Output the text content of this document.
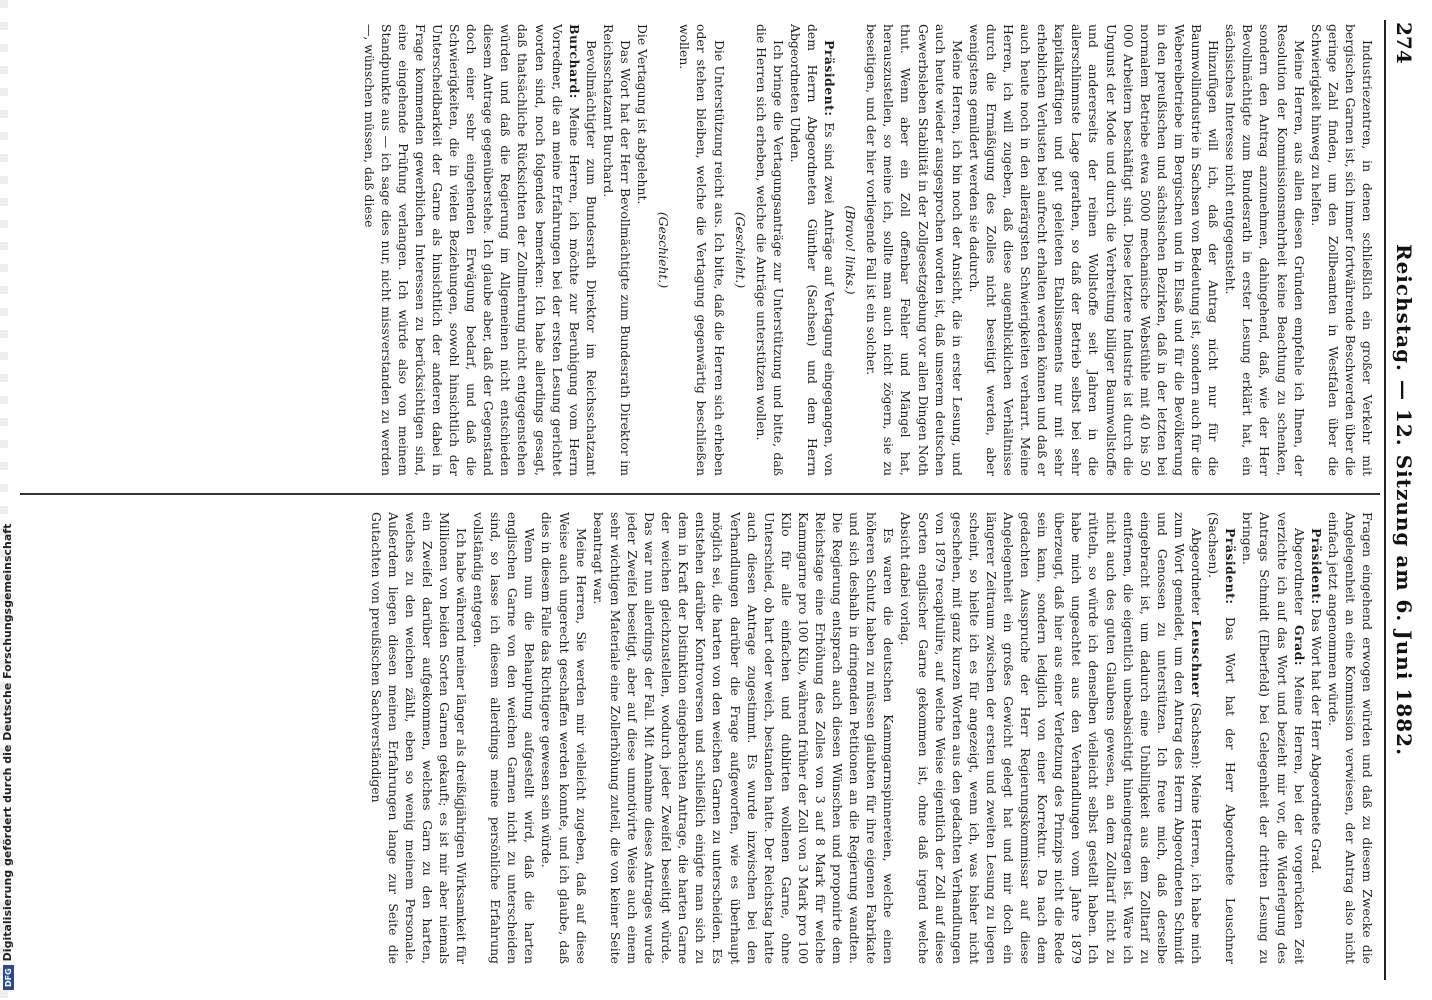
274
Reichstag. — 12. Sitzung am 6. Juni 1882.

Industriezentren, in denen schließlich ein großer Verkehr mit bergischen Garnen ist, sich immer fortwährende Beschwerden über die geringe Zahl finden, um den Zollbeamten in Westfalen über die Schwierigkeit hinweg zu helfen.

Meine Herren, aus allen diesen Gründen empfehle ich Ihnen, der Resolution der Kommissionsmehrheit keine Beachtung zu schenken, sondern den Antrag anzunehmen, dahingehend, daß, wie der Herr Bevollmächtigte zum Bundesrath in erster Lesung erklärt hat, ein sächsisches Interesse nicht entgegensteht.

Hinzufügen will ich, daß der Antrag nicht nur für die Baumwollindustrie in Sachsen von Bedeutung ist, sondern auch für die Webereibetriebe im Bergischen und in Elsaß und für die Bevölkerung in den preußischen und sächsischen Bezirken, daß in der letzten bei normalem Betriebe etwa 5000 mechanische Webstühle mit 40 bis 50 000 Arbeitern beschäftigt sind. Diese letztere Industrie ist durch die Ungunst der Mode und durch die Verbreitung billiger Baumwollstoffe und andererseits der reinen Wollstoffe seit Jahren in die allerschlimmste Lage gerathen, so daß der Betrieb selbst bei sehr kapitalkräftigen und gut geleiteten Etablissements nur mit sehr erheblichen Verlusten bei aufrecht erhalten werden können und daß er auch heute noch in den allerärgsten Schwierigkeiten verharrt. Meine Herren, ich will zugeben, daß diese augenblicklichen Verhältnisse durch die Ermäßigung des Zolles nicht beseitigt werden, aber wenigstens gemildert werden sie dadurch.

Meine Herren, ich bin noch der Ansicht, die in erster Lesung, und auch heute wieder ausgesprochen worden ist, daß unserem deutschen Gewerbsleben Stabilität in der Zollgesetzgebung vor allen Dingen Noth thut. Wenn aber ein Zoll offenbar Fehler und Mängel hat, herauszustellen, so meine ich, sollte man auch nicht zögern, sie zu beseitigen, und der hier vorliegende Fall ist ein solcher.

(Bravo! links.)

Präsident: Es sind zwei Anträge auf Vertagung eingegangen, von dem Herrn Abgeordneten Günther (Sachsen) und dem Herrn Abgeordneten Uhden.

Ich bringe die Vertagungsanträge zur Unterstützung und bitte, daß die Herren sich erheben, welche die Anträge unterstützen wollen.

(Geschieht.)

Die Unterstützung reicht aus. Ich bitte, daß die Herren sich erheben oder stehen bleiben, welche die Vertagung gegenwärtig beschließen wollen.

(Geschieht.)

Die Vertagung ist abgelehnt.

Das Wort hat der Herr Bevollmächtigte zum Bundesrath Direktor im Reichsschatzamt Burchard.

Bevollmächtigter zum Bundesrath Direktor im Reichsschatzamt Burchard: Meine Herren, ich möchte zur Beruhigung vom Herrn Vorredner, die an meine Erfahrungen bei der ersten Lesung gerichtet worden sind, noch folgendes bemerken: Ich habe allerdings gesagt, daß thatsächliche Rücksichten der Zollmehrung nicht entgegenstehen würden und daß die Regierung im Allgemeinen nicht entschieden diesem Antrage gegenüberstehe. Ich glaube aber, daß der Gegenstand doch einer sehr eingehenden Erwägung bedarf, und daß die Schwierigkeiten, die in vielen Beziehungen, sowohl hinsichtlich der Unterscheidbarkeit der Garne als hinsichtlich der anderen dabei in Frage kommenden gewerblichen Interessen zu berücksichtigen sind, eine eingehende Prüfung verlangen. Ich würde also von meinem Standpunkte aus — ich sage dies nur, nicht missverstanden zu werden —, wünschen müssen, daß diese

Fragen eingehend erwogen würden und daß zu diesem Zwecke die Angelegenheit an eine Kommission verwiesen, der Antrag also nicht einfach jetzt angenommen würde.

Präsident: Das Wort hat der Herr Abgeordnete Grad.

Abgeordneter Grad: Meine Herren, bei der vorgerückten Zeit verzichte ich auf das Wort und bezieht mir vor, die Widerlegung des Antrags Schmidt (Elberfeld) bei Gelegenheit der dritten Lesung zu bringen.

Präsident: Das Wort hat der Herr Abgeordnete Leuschner (Sachsen).

Abgeordneter Leuschner (Sachsen): Meine Herren, ich habe mich zum Wort gemeldet, um den Antrag des Herrn Abgeordneten Schmidt und Genossen zu unterstützen. Ich freue mich, daß derselbe eingebracht ist, um dadurch eine Unbilligkeit aus dem Zolltarif zu entfernen, die eigentlich unbeabsichtigt hineingetragen ist. Wäre ich nicht auch des guten Glaubens gewesen, an dem Zolltarif nicht zu rütteln, so würde ich denselben vielleicht selbst gestellt haben. Ich habe mich ungeachtet aus den Verhandlungen vom Jahre 1879 überzeugt, daß hier aus einer Verletzung des Prinzips nicht die Rede sein kann, sondern lediglich von einer Korrektur. Da nach dem gedachten Ausspruche der Herr Regierungskommissar auf diese Angelegenheit ein großes Gewicht gelegt hat und mir doch ein längerer Zeitraum zwischen der ersten und zweiten Lesung zu liegen scheint, so hielte ich es für angezeigt, wenn ich, was bisher nicht geschehen, mit ganz kurzen Worten aus den gedachten Verhandlungen von 1879 recapitulire, auf welche Weise eigentlich der Zoll auf diese Sorten englischer Garne gekommen ist, ohne daß irgend welche Absicht dabei vorlag.

Es waren die deutschen Kammgarnspinnereien, welche einen höheren Schutz haben zu müssen glaubten für ihre eigenen Fabrikate und sich deshalb in dringenden Petitionen an die Regierung wandten. Die Regierung entsprach auch diesen Wünschen und proponirte dem Reichstage eine Erhöhung des Zolles von 3 auf 8 Mark für welche Kammgarne pro 100 Kilo, während früher der Zoll von 3 Mark pro 100 Kilo für alle einfachen und dublirten wollenen Garne, ohne Unterschied, ob hart oder weich, bestanden hatte. Der Reichstag hatte auch diesen Antrage zugestimmt. Es wurde inzwischen bei den Verhandlungen darüber die Frage aufgeworfen, wie es überhaupt möglich sei, die harten von den weichen Garnen zu unterscheiden. Es entstehen darüber Kontroversen und schließlich einigte man sich zu dem in Kraft der Distinktion eingebrachten Antrage, die harten Garne der weichen gleichzustellen, wodurch jeder Zweifel beseitigt würde. Das war nun allerdings der Fall. Mit Annahme dieses Antrages wurde jeder Zweifel beseitigt, aber auf diese unmotivirte Weise auch einem sehr wichtigen Materiale eine Zollerhöhung zuteil, die von keiner Seite beantragt war.

Meine Herren, Sie werden mir vielleicht zugeben, daß auf diese Weise auch ungerecht geschaffen werden konnte, und ich glaube, daß dies in diesem Falle das Richtigere gewesen sein würde.

Wenn nun die Behauptung aufgestellt wird, daß die harten englischen Garne von den weichen Garnen nicht zu unterscheiden sind, so lasse ich diesem allerdings meine persönliche Erfahrung vollständig entgegen.

Ich habe während meiner länger als dreißigjährigen Wirksamkeit für Millionen von beiden Sorten Garnen gekauft; es ist mir aber niemals ein Zweifel darüber aufgekommen, welches Garn zu den harten, welches zu den weichen zählt, eben so wenig meinem Personale. Außerdem liegen diesen meinen Erfahrungen lange zur Seite die Gutachten von preußischen Sachverständigen

DFGDigitalisierung gefördert durch die Deutsche Forschungsgemeinschaft
